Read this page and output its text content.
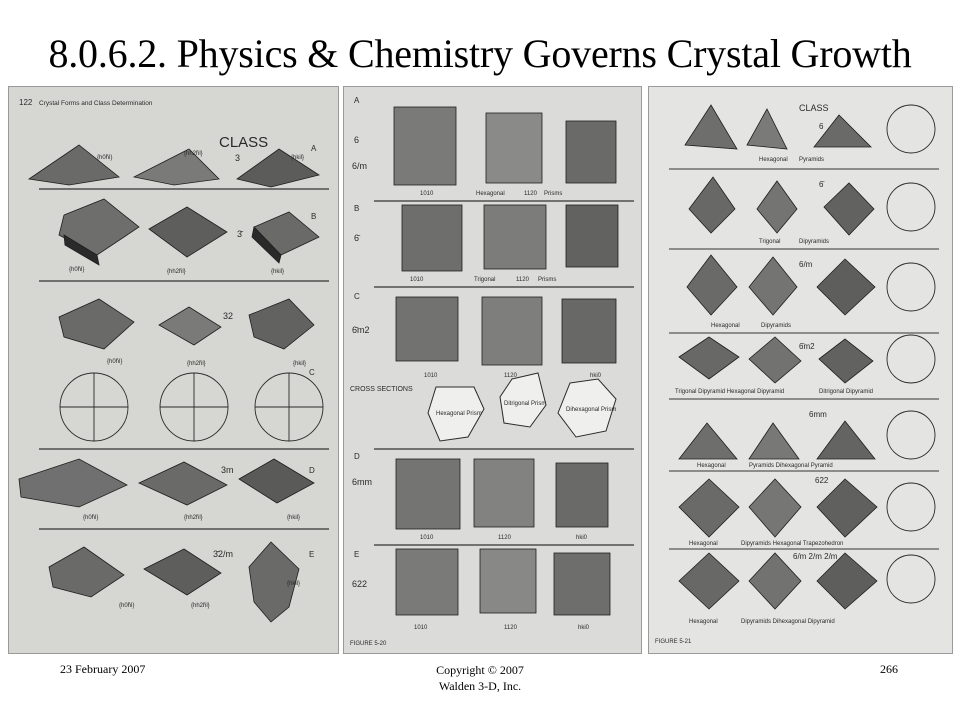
8.0.6.2. Physics & Chemistry Governs Crystal Growth
122 Crystal Forms and Class Determination
CLASS
3
A
{h0h̄l}
{hh2h̄l}
{hkil}
3̄
B
{h0h̄l}	{hh2h̄l}	{hkil}
32
C
{h0h̄l}	{hh2h̄l}	{hkil}
3m	D
{h0h̄l}	{hh2h̄l}	{hkil}
3̄2/m	E
{h0h̄l}	{hh2h̄l}
{hkil}
A
6
6/m
1010	Hexagonal	1120 Prisms
B
6̄
1010	Trigonal	1120 Prisms
C
6̄m2
1010	1120	hki0
CROSS SECTIONS
Hexagonal Prism
Ditrigonal Prism
Dihexagonal Prism
D
6mm
1010	1120	hki0
E
622
1010	1120	hki0
FIGURE 5-20
CLASS
6
Hexagonal Pyramids
6̄
Trigonal	Dipyramids
6/m
Hexagonal	Dipyramids
6̄m2
Trigonal Dipyramid Hexagonal Dipyramid	Ditrigonal Dipyramid
6mm
Hexagonal	Pyramids Dihexagonal Pyramid
622
Hexagonal	Dipyramids Hexagonal Trapezohedron
6/m 2/m 2/m
Hexagonal	Dipyramids Dihexagonal Dipyramid
FIGURE 5-21
23 February 2007	Copyright © 2007
Walden 3-D, Inc.
266
